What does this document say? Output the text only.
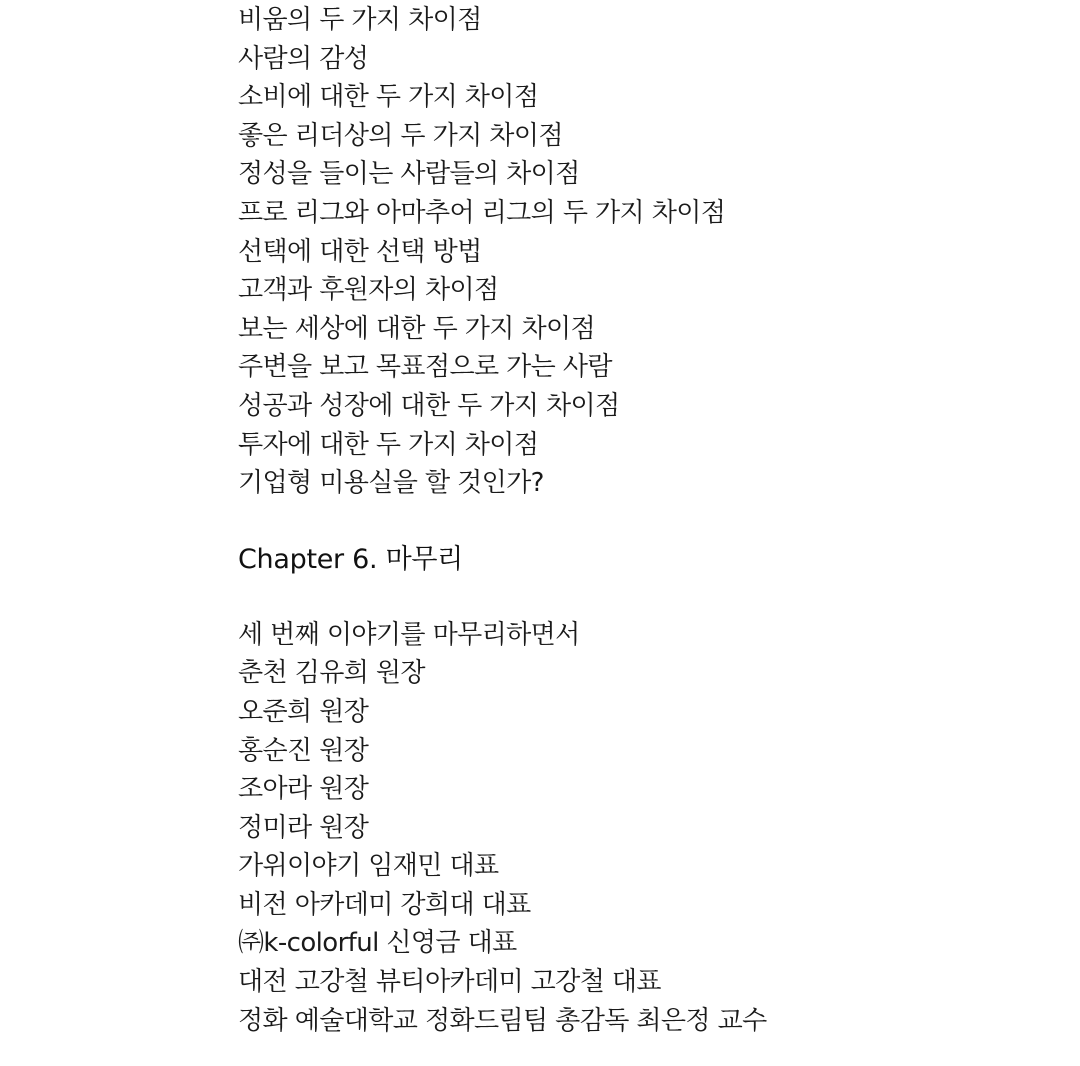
비움의 두 가지 차이점
사람의 감성
소비에 대한 두 가지 차이점
좋은 리더상의 두 가지 차이점
정성을 들이는 사람들의 차이점
프로 리그와 아마추어 리그의 두 가지 차이점
선택에 대한 선택 방법
고객과 후원자의 차이점
보는 세상에 대한 두 가지 차이점
주변을 보고 목표점으로 가는 사람
성공과 성장에 대한 두 가지 차이점
투자에 대한 두 가지 차이점
기업형 미용실을 할 것인가?
Chapter 6. 마무리
세 번째 이야기를 마무리하면서
춘천 김유희 원장
오준희 원장
홍순진 원장
조아라 원장
정미라 원장
가위이야기 임재민 대표
비전 아카데미 강희대 대표
㈜k-colorful 신영금 대표
대전 고강철 뷰티아카데미 고강철 대표
정화 예술대학교 정화드림팀 총감독 최은정 교수
